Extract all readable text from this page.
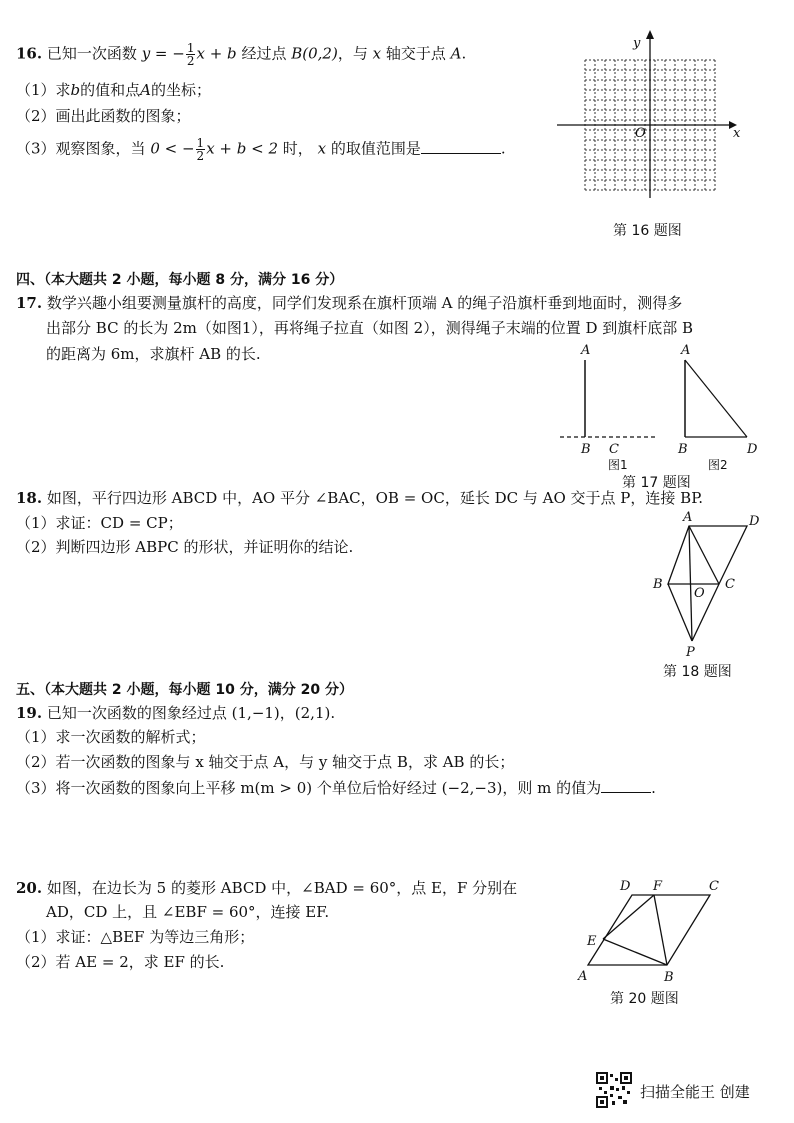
16. 已知一次函数 y = − $\frac{1}{2}$ x + b 经过点 B(0,2)，与 x 轴交于点 A.
（1）求b的值和点A的坐标；
（2）画出此函数的图象；
（3）观察图象，当 0 < − $\frac{1}{2}$ x + b < 2 时， x 的取值范围是	.
y
x
O
第 16 题图
四、（本大题共 2 小题，每小题 8 分，满分 16 分）
17. 数学兴趣小组要测量旗杆的高度，同学们发现系在旗杆顶端 A 的绳子沿旗杆垂到地面时，测得多
出部分 BC 的长为 2m（如图1），再将绳子拉直（如图 2），测得绳子末端的位置 D 到旗杆底部 B
的距离为 6m，求旗杆 AB 的长.	A
B C
A
B	D
图1	图2
第 17 题图
18. 如图，平行四边形 ABCD 中，AO 平分 ∠BAC，OB = OC，延长 DC 与 AO 交于点 P，连接 BP.
（1）求证：CD = CP；
（2）判断四边形 ABPC 的形状，并证明你的结论.
A	D
B	C
O
P
第 18 题图
五、（本大题共 2 小题，每小题 10 分，满分 20 分）
19. 已知一次函数的图象经过点 (1,−1)，(2,1).
（1）求一次函数的解析式；
（2）若一次函数的图象与 x 轴交于点 A，与 y 轴交于点 B，求 AB 的长；
（3）将一次函数的图象向上平移 m(m > 0) 个单位后恰好经过 (−2,−3)，则 m 的值为	.
20. 如图，在边长为 5 的菱形 ABCD 中，∠BAD = 60°，点 E，F 分别在
AD，CD 上，且 ∠EBF = 60°，连接 EF.
（1）求证：△BEF 为等边三角形；
（2）若 AE = 2，求 EF 的长.
D F	C
E
A	B
第 20 题图
扫描全能王 创建
